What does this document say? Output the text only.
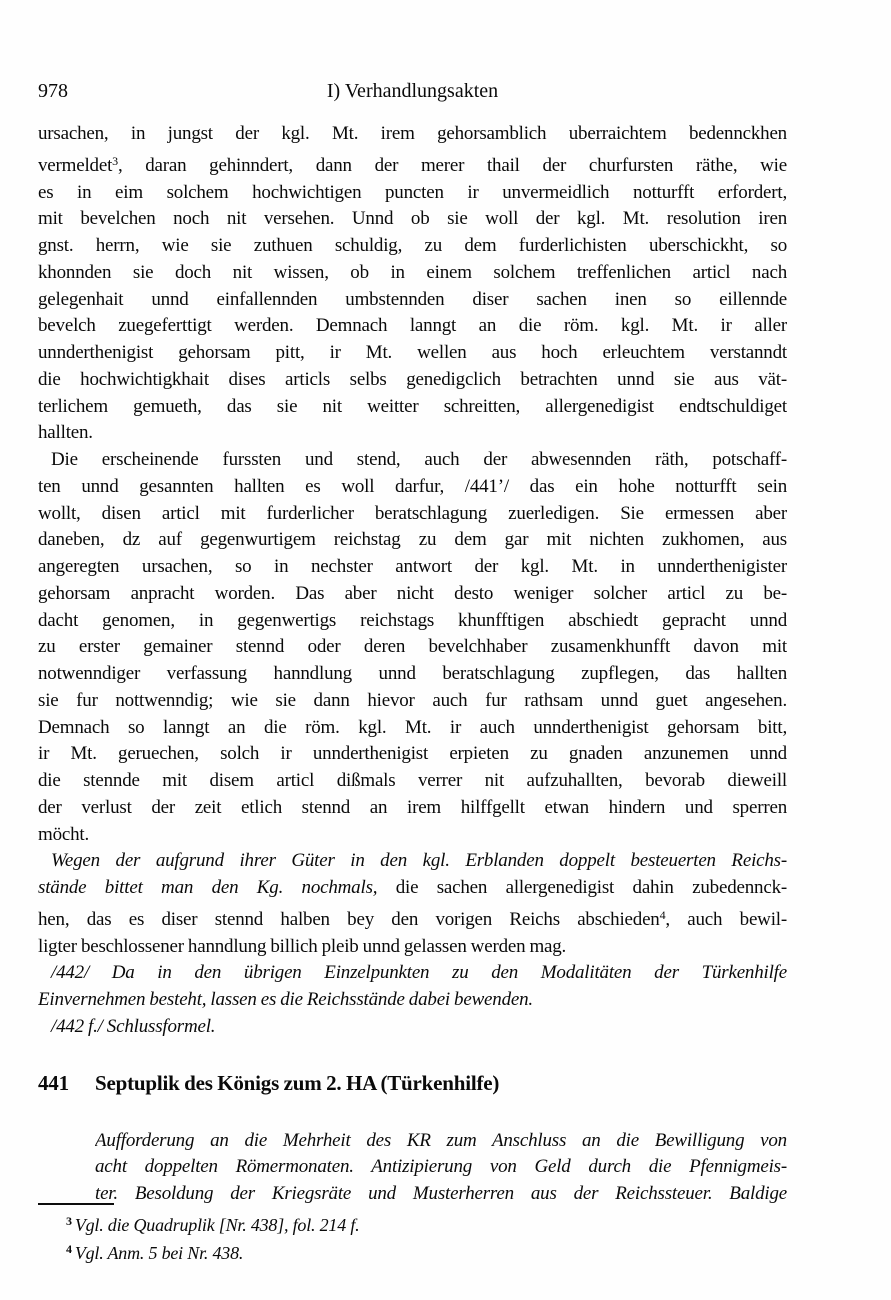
978	I) Verhandlungsakten
ursachen, in jungst der kgl. Mt. irem gehorsamblich uberraichtem bedennckhen
vermeldet$^3$, daran gehinndert, dann der merer thail der churfursten räthe, wie
es in eim solchem hochwichtigen puncten ir unvermeidlich notturfft erfordert,
mit bevelchen noch nit versehen. Unnd ob sie woll der kgl. Mt. resolution iren
gnst. herrn, wie sie zuthuen schuldig, zu dem furderlichisten uberschickht, so
khonnden sie doch nit wissen, ob in einem solchem treffenlichen articl nach
gelegenhait unnd einfallennden umbstennden diser sachen inen so eillennde
bevelch zuegeferttigt werden. Demnach lanngt an die röm. kgl. Mt. ir aller
unnderthenigist gehorsam pitt, ir Mt. wellen aus hoch erleuchtem verstanndt
die hochwichtigkhait dises articls selbs genedigclich betrachten unnd sie aus vät-
terlichem gemueth, das sie nit weitter schreitten, allergenedigist endtschuldiget
hallten.
Die erscheinende furssten und stend, auch der abwesennden räth, potschaff-
ten unnd gesannten hallten es woll darfur, /441’/ das ein hohe notturfft sein
wollt, disen articl mit furderlicher beratschlagung zuerledigen. Sie ermessen aber
daneben, dz auf gegenwurtigem reichstag zu dem gar mit nichten zukhomen, aus
angeregten ursachen, so in nechster antwort der kgl. Mt. in unnderthenigister
gehorsam anpracht worden. Das aber nicht desto weniger solcher articl zu be-
dacht genomen, in gegenwertigs reichstags khunfftigen abschiedt gepracht unnd
zu erster gemainer stennd oder deren bevelchhaber zusamenkhunfft davon mit
notwenndiger verfassung hanndlung unnd beratschlagung zupflegen, das hallten
sie fur nottwenndig; wie sie dann hievor auch fur rathsam unnd guet angesehen.
Demnach so lanngt an die röm. kgl. Mt. ir auch unnderthenigist gehorsam bitt,
ir Mt. geruechen, solch ir unnderthenigist erpieten zu gnaden anzunemen unnd
die stennde mit disem articl dißmals verrer nit aufzuhallten, bevorab dieweill
der verlust der zeit etlich stennd an irem hilffgellt etwan hindern und sperren
möcht.
Wegen der aufgrund ihrer Güter in den kgl. Erblanden doppelt besteuerten Reichs-
stände bittet man den Kg. nochmals, die sachen allergenedigist dahin zubedennck-
hen, das es diser stennd halben bey den vorigen Reichs abschieden$^4$, auch bewil-
ligter beschlossener hanndlung billich pleib unnd gelassen werden mag.
/442/ Da in den übrigen Einzelpunkten zu den Modalitäten der Türkenhilfe
Einvernehmen besteht, lassen es die Reichsstände dabei bewenden.
/442 f./ Schlussformel.
441 Septuplik des Königs zum 2. HA (Türkenhilfe)
Aufforderung an die Mehrheit des KR zum Anschluss an die Bewilligung von
acht doppelten Römermonaten. Antizipierung von Geld durch die Pfennigmeis-
ter. Besoldung der Kriegsräte und Musterherren aus der Reichssteuer. Baldige
$^3$ Vgl. die Quadruplik [Nr. 438], fol. 214 f.
$^4$ Vgl. Anm. 5 bei Nr. 438.
